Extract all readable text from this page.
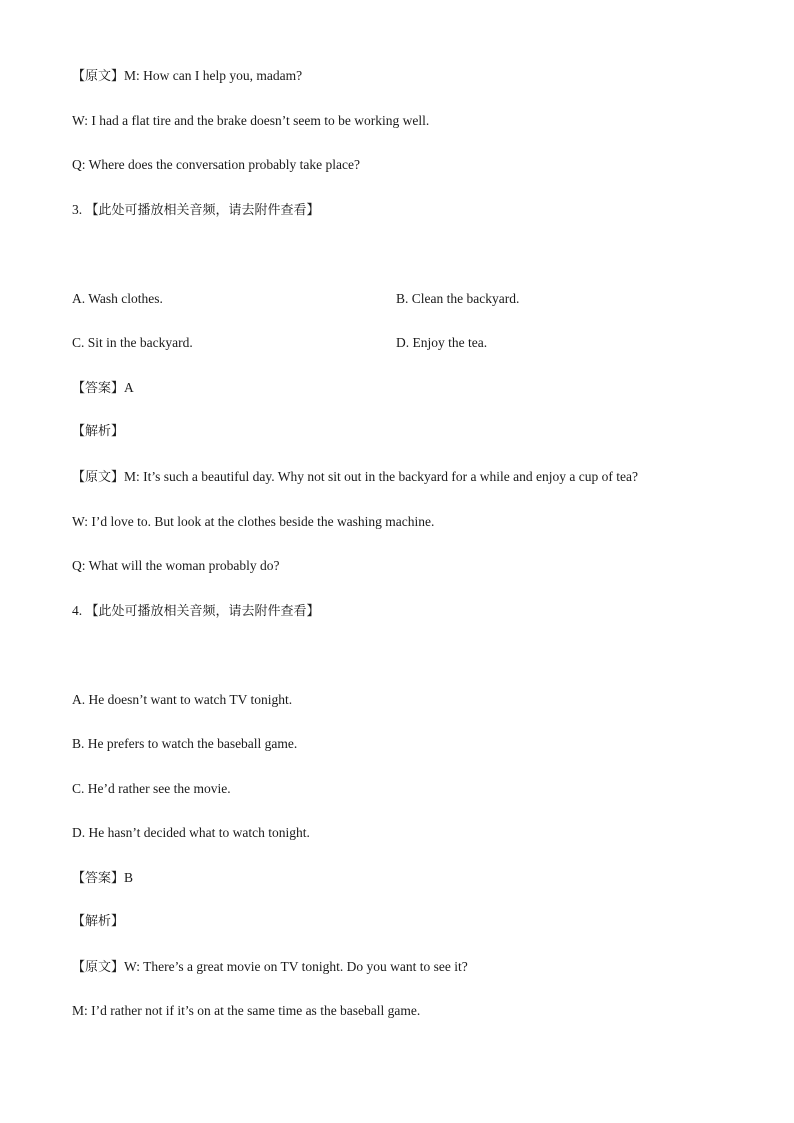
【原文】M: How can I help you, madam?
W: I had a flat tire and the brake doesn’t seem to be working well.
Q: Where does the conversation probably take place?
3. 【此处可播放相关音频，请去附件查看】
A. Wash clothes.	B. Clean the backyard.
C. Sit in the backyard.	D. Enjoy the tea.
【答案】A
【解析】
【原文】M: It’s such a beautiful day. Why not sit out in the backyard for a while and enjoy a cup of tea?
W: I’d love to. But look at the clothes beside the washing machine.
Q: What will the woman probably do?
4. 【此处可播放相关音频，请去附件查看】
A. He doesn’t want to watch TV tonight.
B. He prefers to watch the baseball game.
C. He’d rather see the movie.
D. He hasn’t decided what to watch tonight.
【答案】B
【解析】
【原文】W: There’s a great movie on TV tonight. Do you want to see it?
M: I’d rather not if it’s on at the same time as the baseball game.
